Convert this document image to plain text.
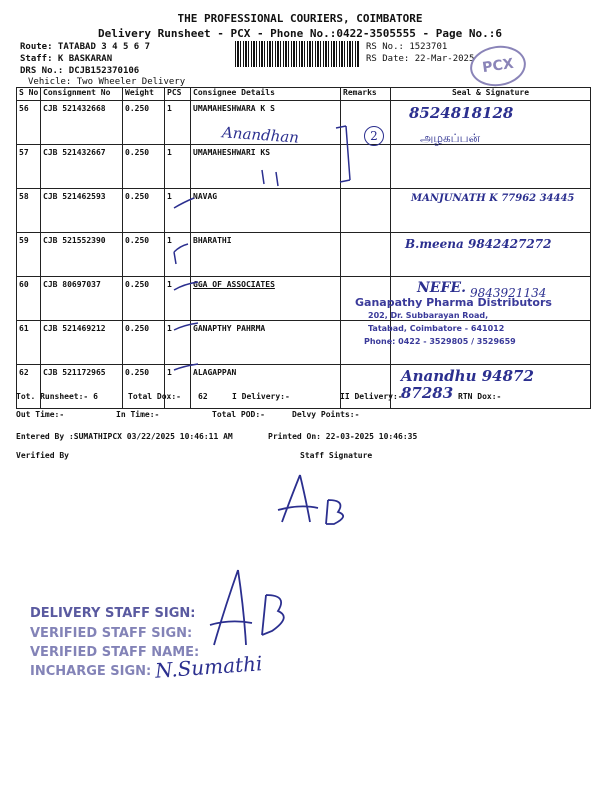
THE PROFESSIONAL COURIERS, COIMBATORE
Delivery Runsheet - PCX - Phone No.:0422-3505555 - Page No.:6
Route: TATABAD 3 4 5 6 7
Staff: K BASKARAN
DRS No.: DCJB152370106
Vehicle: Two Wheeler Delivery
RS No.: 1523701
RS Date: 22-Mar-2025 PCX
S No	Consignment No	Weight	PCS	Consignee Details	Remarks	Seal & Signature
56	CJB 521432668	0.250	1	UMAMAHESHWARA K S		8524818128
57	CJB 521432667	0.250	1	UMAMAHESHWARI KS		
58	CJB 521462593	0.250	1	NAVAG		MANJUNATH K 77962 34445
59	CJB 521552390	0.250	1	BHARATHI		B.meena 9842427272
60	CJB 80697037	0.250	1	GGA OF ASSOCIATES		NEFE.
61	CJB 521469212	0.250	1	GANAPTHY PAHRMA		
62	CJB 521172965	0.250	1	ALAGAPPAN		Anandhu 94872 87283
Anandhan	2	அழகப்பன்
Ganapathy Pharma Distributors
202, Dr. Subbarayan Road,
Tatabad, Coimbatore - 641012
Phone: 0422 - 3529805 / 3529659
9843921134
Tot. Runsheet:- 6	Total Dox:- 62	I Delivery:-	II Delivery:-	RTN Dox:-
Out Time:-	In Time:-	Total POD:-	Delvy Points:-
Entered By :SUMATHIPCX 03/22/2025 10:46:11 AM	Printed On: 22-03-2025 10:46:35
Verified By	Staff Signature
DELIVERY STAFF SIGN:
VERIFIED STAFF SIGN:
VERIFIED STAFF NAME:
INCHARGE SIGN: N.Sumathi
